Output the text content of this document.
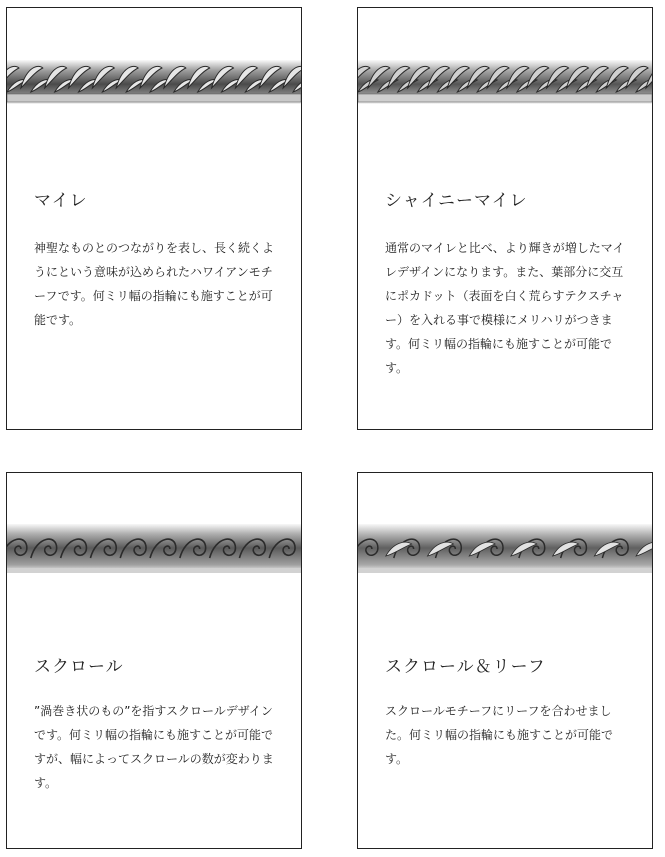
マイレ

神聖なものとのつながりを表し、長く続くようにという意味が込められたハワイアンモチーフです。何ミリ幅の指輪にも施すことが可能です。

シャイニーマイレ

通常のマイレと比べ、より輝きが増したマイレデザインになります。また、葉部分に交互にポカドット（表面を白く荒らすテクスチャー）を入れる事で模様にメリハリがつきます。何ミリ幅の指輪にも施すことが可能です。

スクロール

”渦巻き状のもの”を指すスクロールデザインです。何ミリ幅の指輪にも施すことが可能ですが、幅によってスクロールの数が変わります。

スクロール＆リーフ

スクロールモチーフにリーフを合わせました。何ミリ幅の指輪にも施すことが可能です。
